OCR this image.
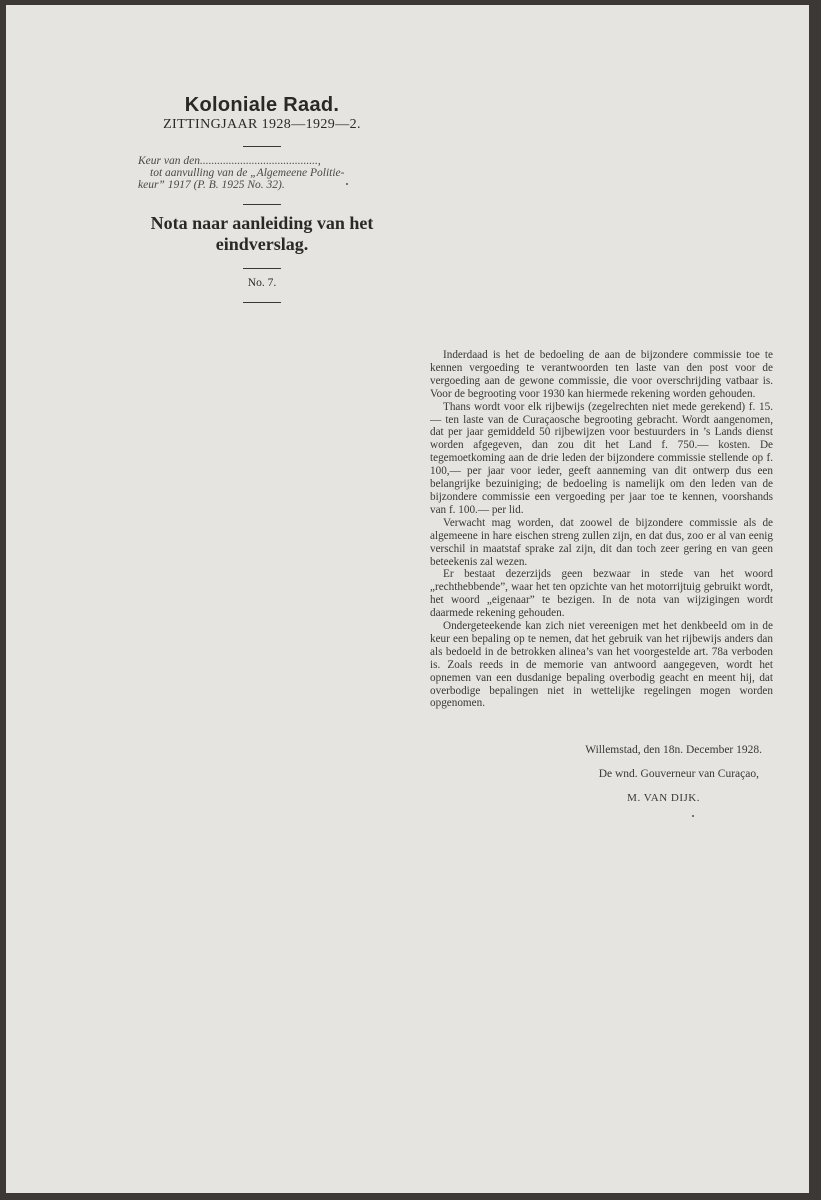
Koloniale Raad.
ZITTINGJAAR 1928—1929—2.
Keur van den.........................................,
tot aanvulling van de „Algemeene Politie-
keur” 1917 (P. B. 1925 No. 32).
Nota naar aanleiding van het
eindverslag.
No. 7.

Inderdaad is het de bedoeling de aan de bijzondere commissie toe te kennen vergoeding te verantwoorden ten laste van den post voor de vergoeding aan de gewone commissie, die voor overschrijding vatbaar is. Voor de begrooting voor 1930 kan hiermede rekening worden gehouden.

Thans wordt voor elk rijbewijs (zegelrechten niet mede gerekend) f. 15.— ten laste van de Curaçaosche begrooting gebracht. Wordt aangenomen, dat per jaar gemiddeld 50 rijbewijzen voor bestuurders in ’s Lands dienst worden afgegeven, dan zou dit het Land f. 750.— kosten. De tegemoetkoming aan de drie leden der bijzondere commissie stellende op f. 100,— per jaar voor ieder, geeft aanneming van dit ontwerp dus een belangrijke bezuiniging; de bedoeling is namelijk om den leden van de bijzondere commissie een vergoeding per jaar toe te kennen, voorshands van f. 100.— per lid.

Verwacht mag worden, dat zoowel de bijzondere commissie als de algemeene in hare eischen streng zullen zijn, en dat dus, zoo er al van eenig verschil in maatstaf sprake zal zijn, dit dan toch zeer gering en van geen beteekenis zal wezen.

Er bestaat dezerzijds geen bezwaar in stede van het woord „rechthebbende”, waar het ten opzichte van het motorrijtuig gebruikt wordt, het woord „eigenaar” te bezigen. In de nota van wijzigingen wordt daarmede rekening gehouden.

Ondergeteekende kan zich niet vereenigen met het denkbeeld om in de keur een bepaling op te nemen, dat het gebruik van het rijbewijs anders dan als bedoeld in de betrokken alinea’s van het voorgestelde art. 78a verboden is. Zoals reeds in de memorie van antwoord aangegeven, wordt het opnemen van een dusdanige bepaling overbodig geacht en meent hij, dat overbodige bepalingen niet in wettelijke regelingen mogen worden opgenomen.

Willemstad, den 18n. December 1928.
De wnd. Gouverneur van Curaçao,
M. VAN DIJK.
